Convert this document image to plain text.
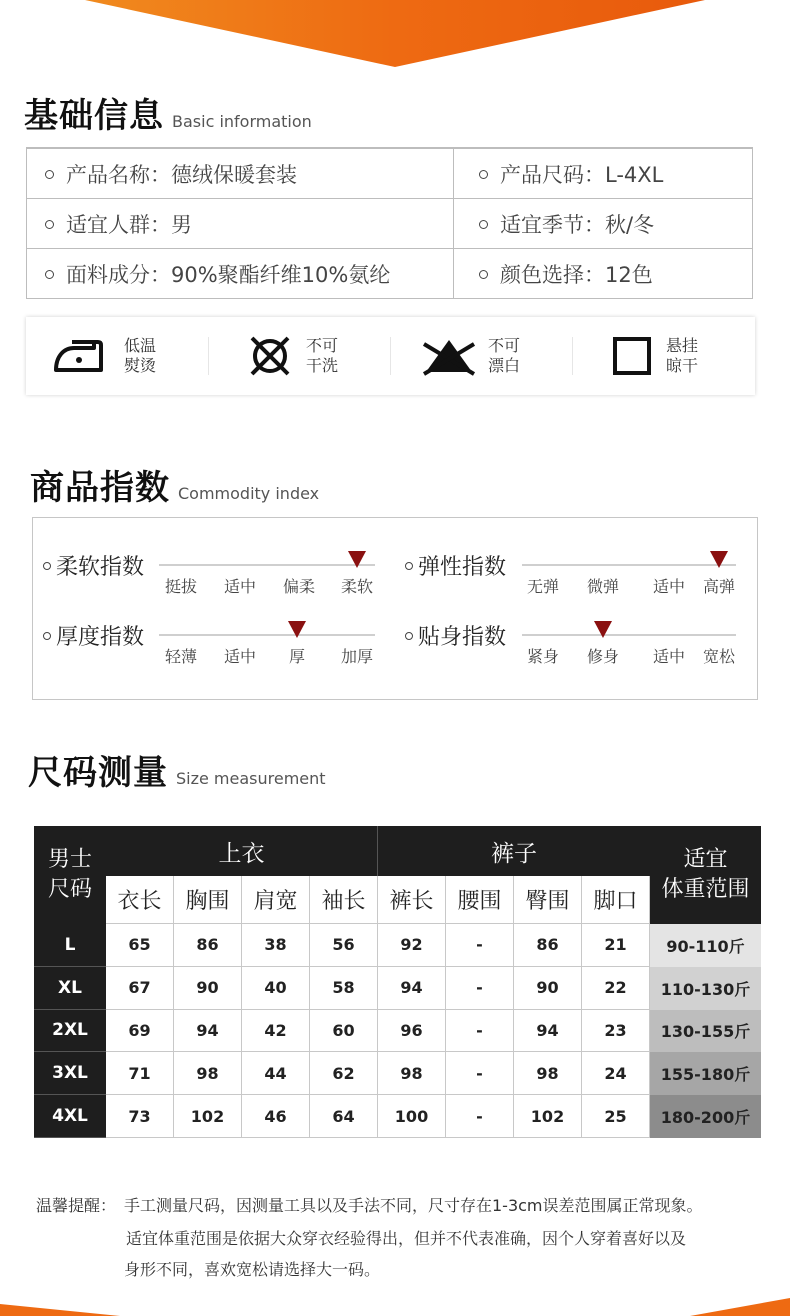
基础信息 Basic information
产品名称：德绒保暖套装	产品尺码：L-4XL
适宜人群：男	适宜季节：秋/冬
面料成分：90%聚酯纤维10%氨纶	颜色选择：12色
低温
熨烫
不可
干洗
不可
漂白
悬挂
晾干
商品指数 Commodity index
柔软指数
挺拔 适中 偏柔 柔软
弹性指数
无弹 微弹 适中 高弹
厚度指数
轻薄 适中 厚 加厚
贴身指数
紧身 修身 适中 宽松
尺码测量 Size measurement
男士
尺码
上衣	裤子	适宜
体重范围
衣长	胸围	肩宽	袖长	裤长	腰围	臀围	脚口
L	65	86	38	56	92	-	86	21	90-110斤
XL	67	90	40	58	94	-	90	22	110-130斤
2XL	69	94	42	60	96	-	94	23	130-155斤
3XL	71	98	44	62	98	-	98	24	155-180斤
4XL	73	102	46	64	100	-	102	25	180-200斤
温馨提醒： 手工测量尺码，因测量工具以及手法不同，尺寸存在1-3cm误差范围属正常现象。
适宜体重范围是依据大众穿衣经验得出，但并不代表准确，因个人穿着喜好以及
身形不同，喜欢宽松请选择大一码。
